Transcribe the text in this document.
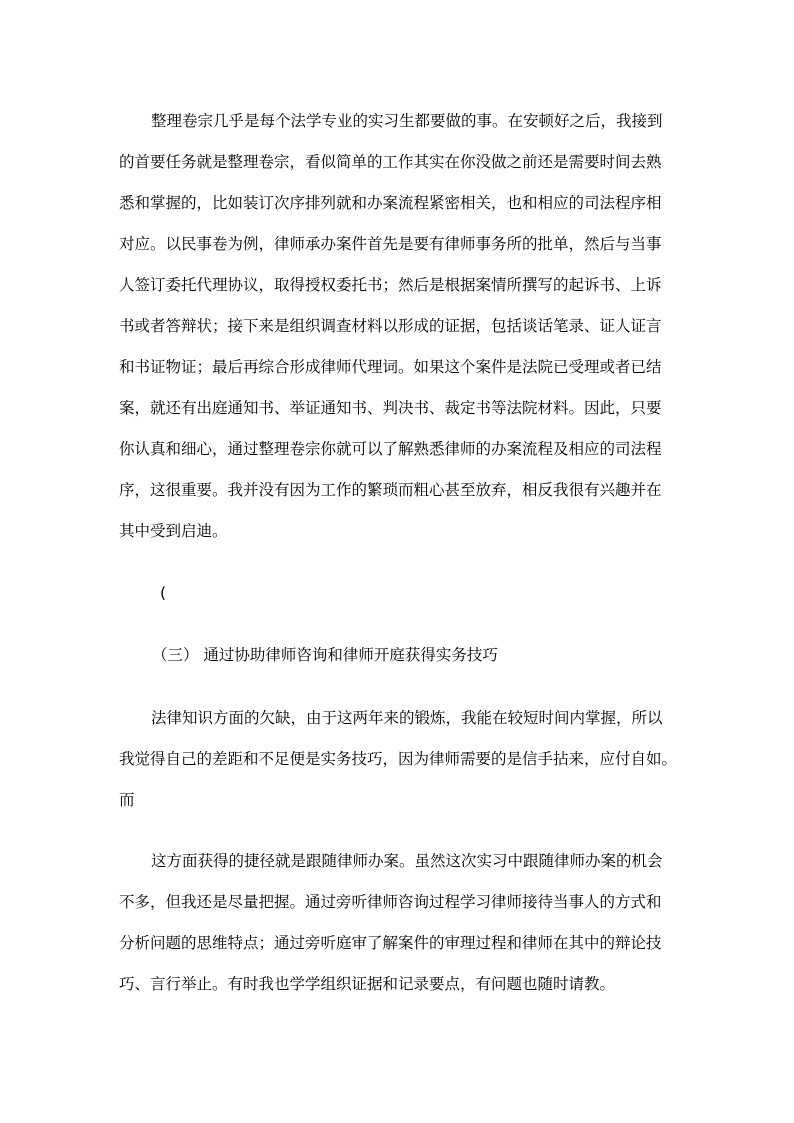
整理卷宗几乎是每个法学专业的实习生都要做的事。在安顿好之后，我接到
的首要任务就是整理卷宗，看似简单的工作其实在你没做之前还是需要时间去熟
悉和掌握的，比如装订次序排列就和办案流程紧密相关，也和相应的司法程序相
对应。以民事卷为例，律师承办案件首先是要有律师事务所的批单，然后与当事
人签订委托代理协议，取得授权委托书；然后是根据案情所撰写的起诉书、上诉
书或者答辩状；接下来是组织调查材料以形成的证据，包括谈话笔录、证人证言
和书证物证；最后再综合形成律师代理词。如果这个案件是法院已受理或者已结
案，就还有出庭通知书、举证通知书、判决书、裁定书等法院材料。因此，只要
你认真和细心，通过整理卷宗你就可以了解熟悉律师的办案流程及相应的司法程
序，这很重要。我并没有因为工作的繁琐而粗心甚至放弃，相反我很有兴趣并在
其中受到启迪。
(
（三） 通过协助律师咨询和律师开庭获得实务技巧
法律知识方面的欠缺，由于这两年来的锻炼，我能在较短时间内掌握，所以
我觉得自己的差距和不足便是实务技巧，因为律师需要的是信手拈来，应付自如。
而
这方面获得的捷径就是跟随律师办案。虽然这次实习中跟随律师办案的机会
不多，但我还是尽量把握。通过旁听律师咨询过程学习律师接待当事人的方式和
分析问题的思维特点；通过旁听庭审了解案件的审理过程和律师在其中的辩论技
巧、言行举止。有时我也学学组织证据和记录要点，有问题也随时请教。
